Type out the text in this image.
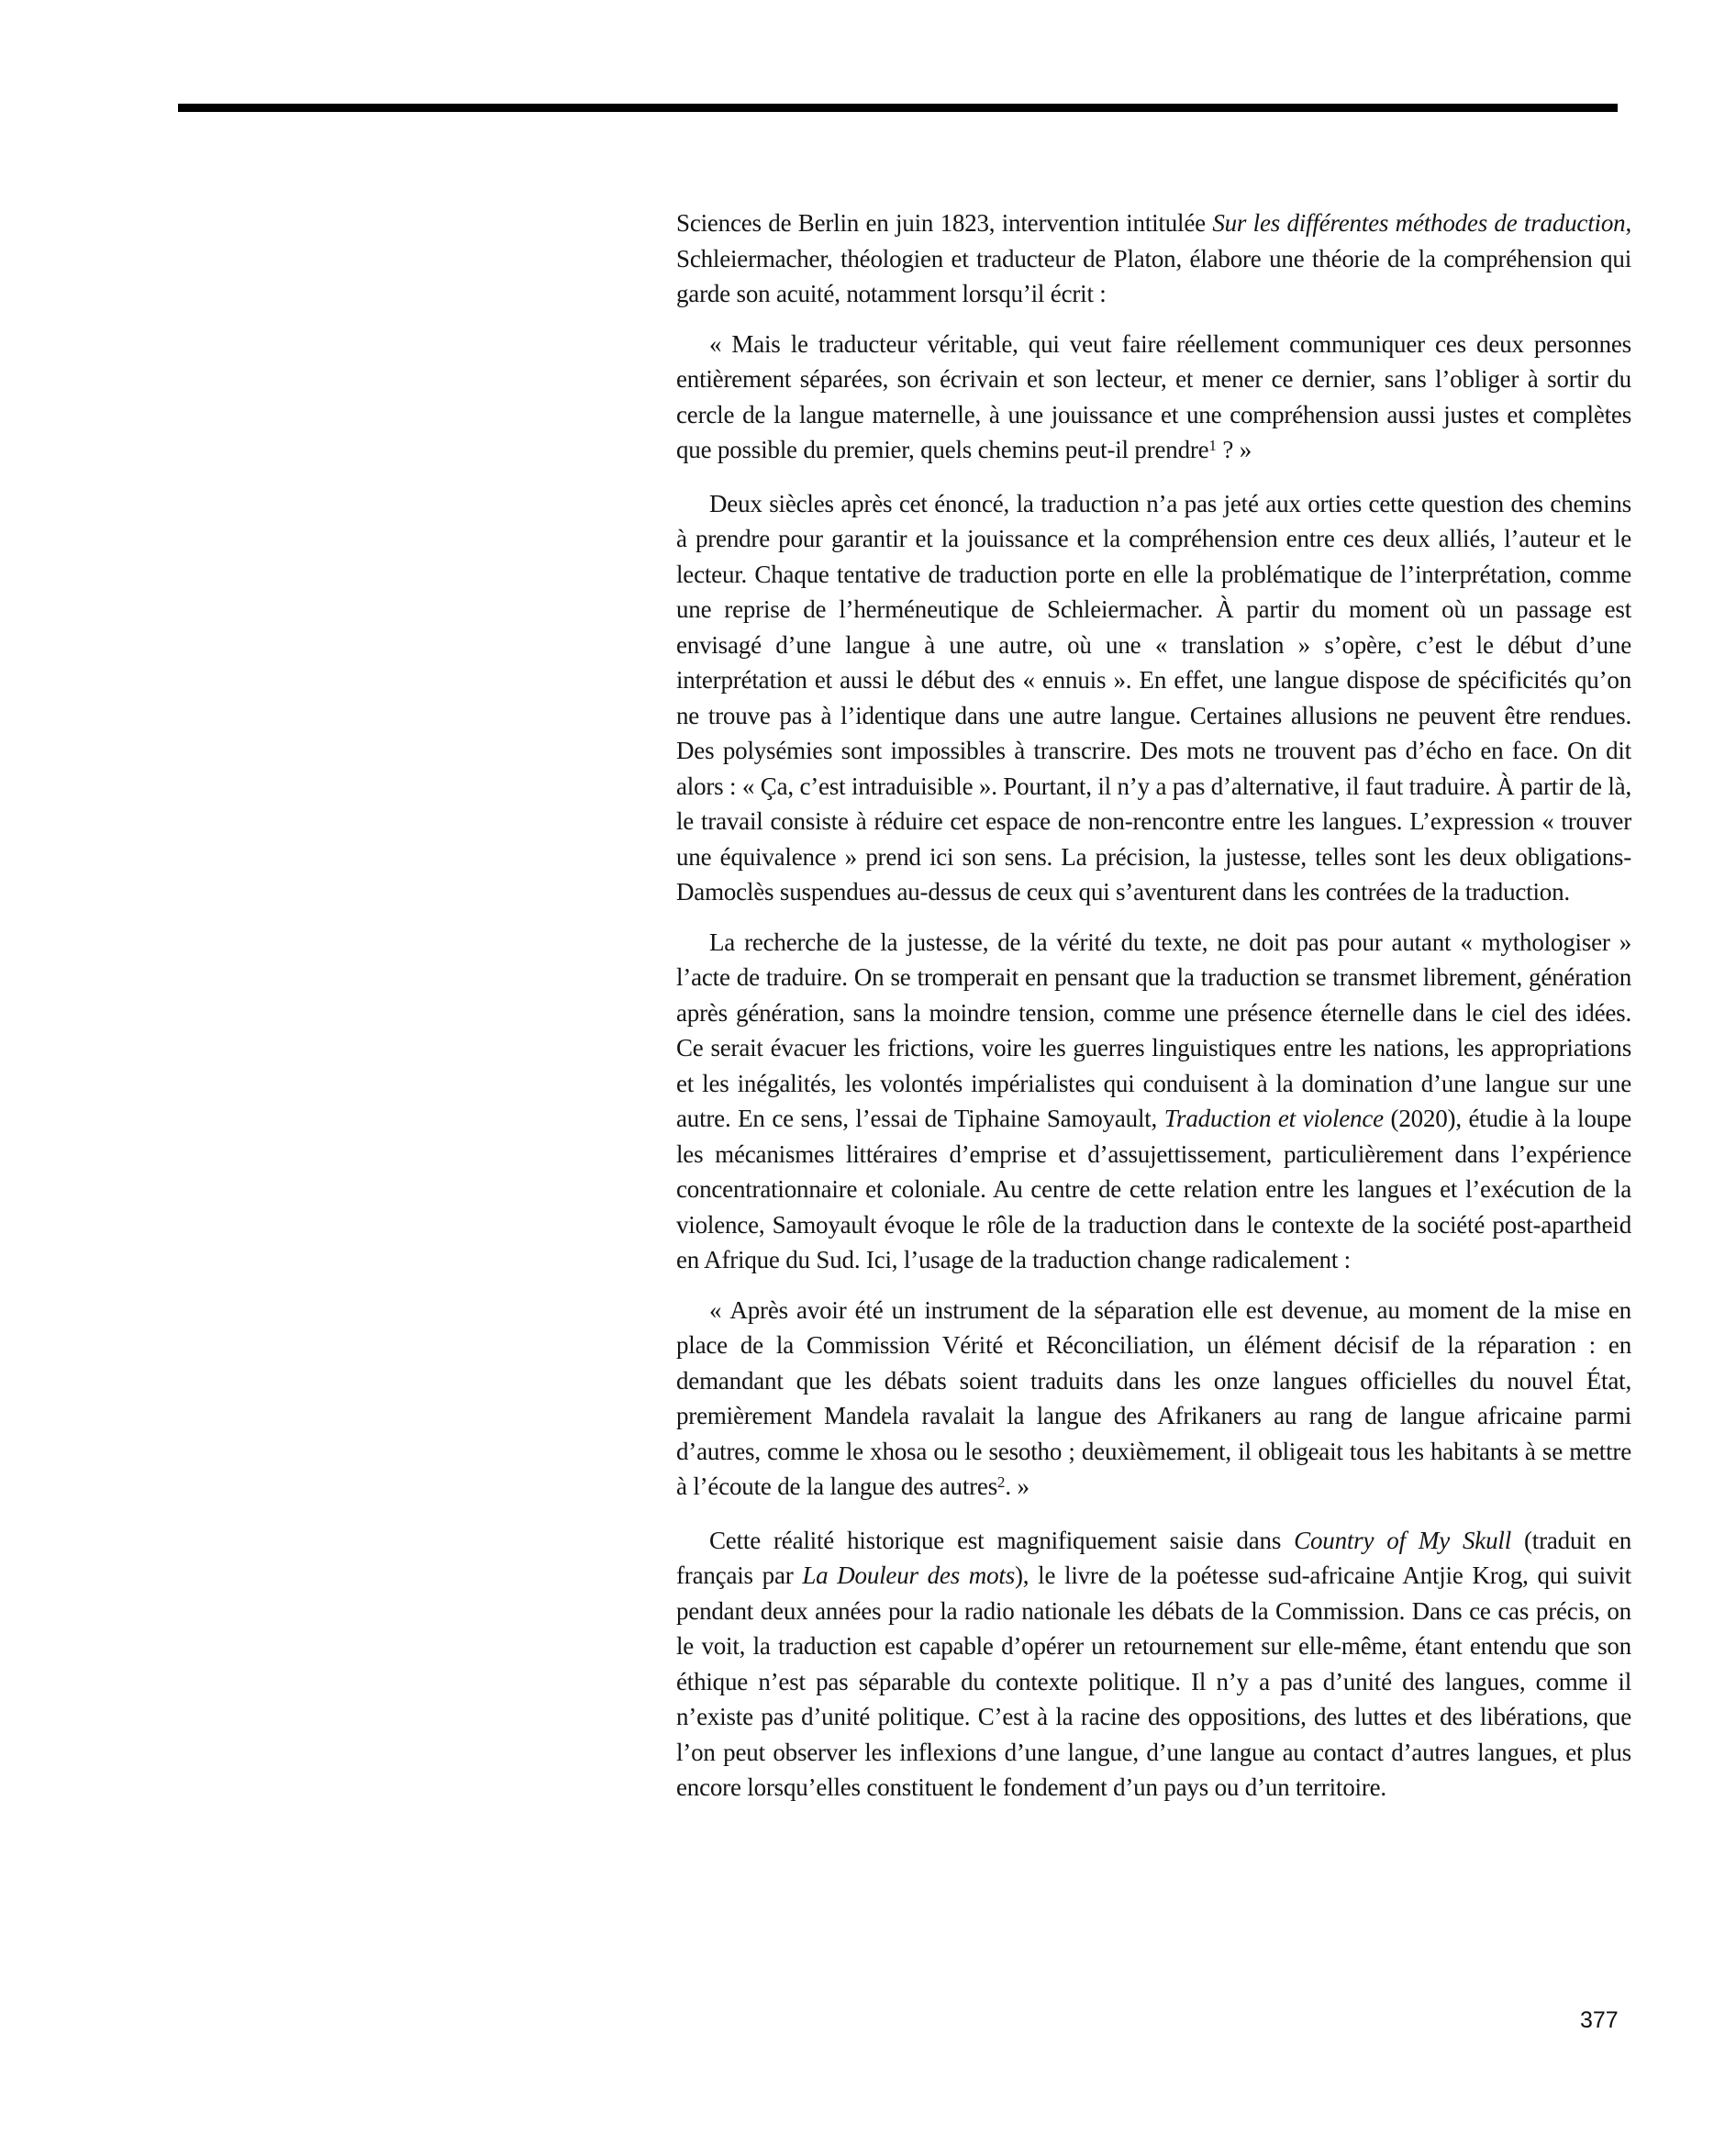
Sciences de Berlin en juin 1823, intervention intitulée Sur les différentes méthodes de traduction, Schleiermacher, théologien et traducteur de Platon, élabore une théorie de la compréhension qui garde son acuité, notamment lorsqu’il écrit :

« Mais le traducteur véritable, qui veut faire réellement communiquer ces deux personnes entièrement séparées, son écrivain et son lecteur, et mener ce dernier, sans l’obliger à sortir du cercle de la langue maternelle, à une jouissance et une compréhension aussi justes et complètes que possible du premier, quels chemins peut-il prendre$^1$ ? »

Deux siècles après cet énoncé, la traduction n’a pas jeté aux orties cette question des chemins à prendre pour garantir et la jouissance et la compréhension entre ces deux alliés, l’auteur et le lecteur. Chaque tentative de traduction porte en elle la problématique de l’interprétation, comme une reprise de l’herméneutique de Schleiermacher. À partir du moment où un passage est envisagé d’une langue à une autre, où une « translation » s’opère, c’est le début d’une interprétation et aussi le début des « ennuis ». En effet, une langue dispose de spécificités qu’on ne trouve pas à l’identique dans une autre langue. Certaines allusions ne peuvent être rendues. Des polysémies sont impossibles à transcrire. Des mots ne trouvent pas d’écho en face. On dit alors : « Ça, c’est intraduisible ». Pourtant, il n’y a pas d’alternative, il faut traduire. À partir de là, le travail consiste à réduire cet espace de non-rencontre entre les langues. L’expression « trouver une équivalence » prend ici son sens. La précision, la justesse, telles sont les deux obligations-Damoclès suspendues au-dessus de ceux qui s’aventurent dans les contrées de la traduction.

La recherche de la justesse, de la vérité du texte, ne doit pas pour autant « mythologiser » l’acte de traduire. On se tromperait en pensant que la traduction se transmet librement, génération après génération, sans la moindre tension, comme une présence éternelle dans le ciel des idées. Ce serait évacuer les frictions, voire les guerres linguistiques entre les nations, les appropriations et les inégalités, les volontés impérialistes qui conduisent à la domination d’une langue sur une autre. En ce sens, l’essai de Tiphaine Samoyault, Traduction et violence (2020), étudie à la loupe les mécanismes littéraires d’emprise et d’assujettissement, particulièrement dans l’expérience concentrationnaire et coloniale. Au centre de cette relation entre les langues et l’exécution de la violence, Samoyault évoque le rôle de la traduction dans le contexte de la société post-apartheid en Afrique du Sud. Ici, l’usage de la traduction change radicalement :

« Après avoir été un instrument de la séparation elle est devenue, au moment de la mise en place de la Commission Vérité et Réconciliation, un élément décisif de la réparation : en demandant que les débats soient traduits dans les onze langues officielles du nouvel État, premièrement Mandela ravalait la langue des Afrikaners au rang de langue africaine parmi d’autres, comme le xhosa ou le sesotho ; deuxièmement, il obligeait tous les habitants à se mettre à l’écoute de la langue des autres$^2$. »

Cette réalité historique est magnifiquement saisie dans Country of My Skull (traduit en français par La Douleur des mots), le livre de la poétesse sud-africaine Antjie Krog, qui suivit pendant deux années pour la radio nationale les débats de la Commission. Dans ce cas précis, on le voit, la traduction est capable d’opérer un retournement sur elle-même, étant entendu que son éthique n’est pas séparable du contexte politique. Il n’y a pas d’unité des langues, comme il n’existe pas d’unité politique. C’est à la racine des oppositions, des luttes et des libérations, que l’on peut observer les inflexions d’une langue, d’une langue au contact d’autres langues, et plus encore lorsqu’elles constituent le fondement d’un pays ou d’un territoire.

377
